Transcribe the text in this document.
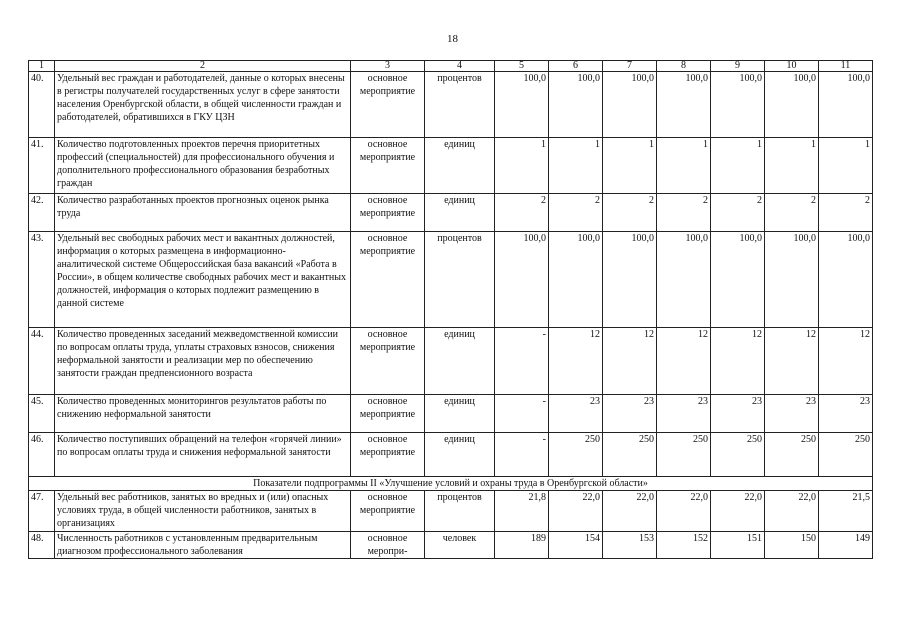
18
1	2	3	4	5	6	7	8	9	10	11
40.	Удельный вес граждан и работодателей, данные о которых внесены в регистры получателей государственных услуг в сфере занятости населения Оренбургской области, в общей численности граждан и работодателей, обратившихся в ГКУ ЦЗН	основное мероприятие	процентов	100,0	100,0	100,0	100,0	100,0	100,0	100,0
41.	Количество подготовленных проектов перечня приоритетных профессий (специальностей) для профессионального обучения и дополнительного профессионального образования безработных граждан	основное мероприятие	единиц	1	1	1	1	1	1	1
42.	Количество разработанных проектов прогнозных оценок рынка труда	основное мероприятие	единиц	2	2	2	2	2	2	2
43.	Удельный вес свободных рабочих мест и вакантных должностей, информация о которых размещена в информационно-аналитической системе Общероссийская база вакансий «Работа в России», в общем количестве свободных рабочих мест и вакантных должностей, информация о которых подлежит размещению в данной системе	основное мероприятие	процентов	100,0	100,0	100,0	100,0	100,0	100,0	100,0
44.	Количество проведенных заседаний межведомственной комиссии по вопросам оплаты труда, уплаты страховых взносов, снижения неформальной занятости и реализации мер по обеспечению занятости граждан предпенсионного возраста	основное мероприятие	единиц	-	12	12	12	12	12	12
45.	Количество проведенных мониторингов результатов работы по снижению неформальной занятости	основное мероприятие	единиц	-	23	23	23	23	23	23
46.	Количество поступивших обращений на телефон «горячей линии» по вопросам оплаты труда и снижения неформальной занятости	основное мероприятие	единиц	-	250	250	250	250	250	250
Показатели подпрограммы II «Улучшение условий и охраны труда в Оренбургской области»										
47.	Удельный вес работников, занятых во вредных и (или) опасных условиях труда, в общей численности работников, занятых в организациях	основное мероприятие	процентов	21,8	22,0	22,0	22,0	22,0	22,0	21,5
48.	Численность работников с установленным предварительным диагнозом профессионального заболевания	основное меропри-	человек	189	154	153	152	151	150	149
